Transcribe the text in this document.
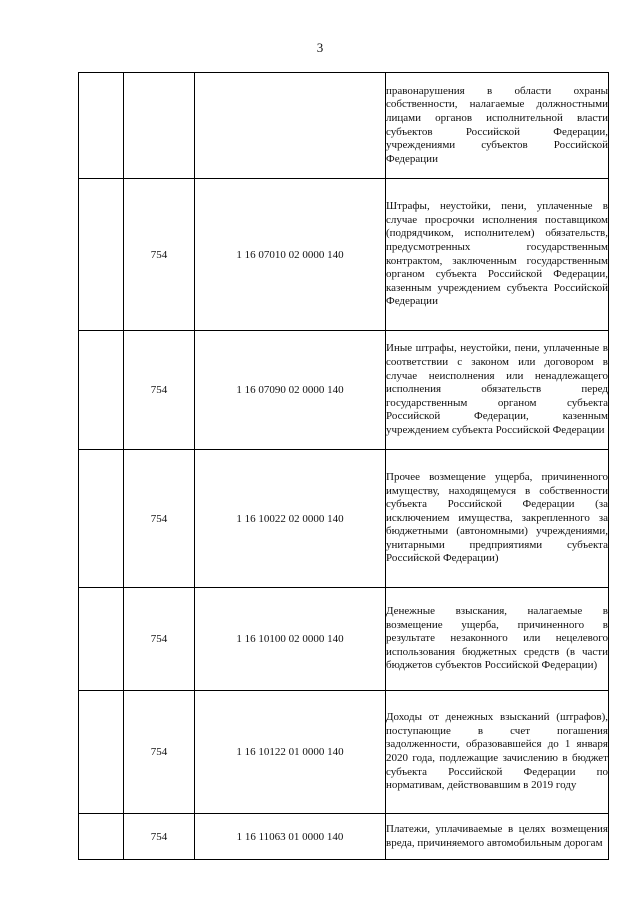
3

			правонарушения в области охраны собственности, налагаемые должностными лицами органов исполнительной власти субъектов Российской Федерации, учреждениями субъектов Российской Федерации

	754	1 16 07010 02 0000 140	Штрафы, неустойки, пени, уплаченные в случае просрочки исполнения поставщиком (подрядчиком, исполнителем) обязательств, предусмотренных государственным контрактом, заключенным государственным органом субъекта Российской Федерации, казенным учреждением субъекта Российской Федерации

	754	1 16 07090 02 0000 140	Иные штрафы, неустойки, пени, уплаченные в соответствии с законом или договором в случае неисполнения или ненадлежащего исполнения обязательств перед государственным органом субъекта Российской Федерации, казенным учреждением субъекта Российской Федерации

	754	1 16 10022 02 0000 140	Прочее возмещение ущерба, причиненного имуществу, находящемуся в собственности субъекта Российской Федерации (за исключением имущества, закрепленного за бюджетными (автономными) учреждениями, унитарными предприятиями субъекта Российской Федерации)

	754	1 16 10100 02 0000 140	Денежные взыскания, налагаемые в возмещение ущерба, причиненного в результате незаконного или нецелевого использования бюджетных средств (в части бюджетов субъектов Российской Федерации)

	754	1 16 10122 01 0000 140	Доходы от денежных взысканий (штрафов), поступающие в счет погашения задолженности, образовавшейся до 1 января 2020 года, подлежащие зачислению в бюджет субъекта Российской Федерации по нормативам, действовавшим в 2019 году

	754	1 16 11063 01 0000 140	Платежи, уплачиваемые в целях возмещения вреда, причиняемого автомобильным дорогам
